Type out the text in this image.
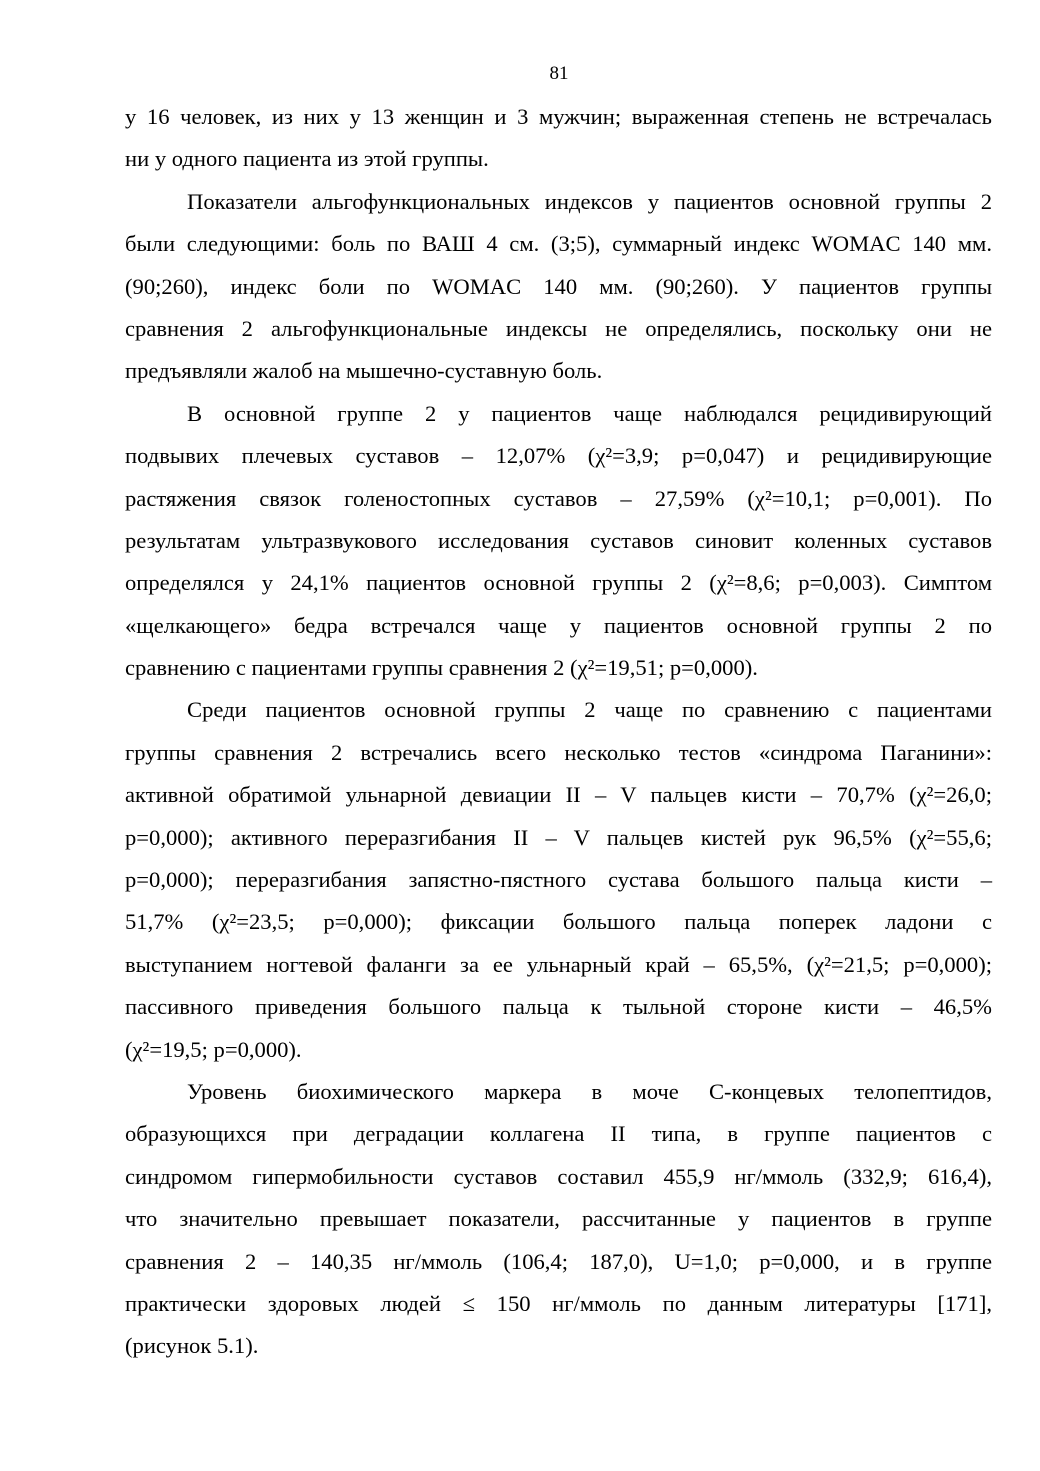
81
у 16 человек, из них у 13 женщин и 3 мужчин; выраженная степень не встречалась
ни у одного пациента из этой группы.
Показатели альгофункциональных индексов у пациентов основной группы 2
были следующими: боль по ВАШ 4 см. (3;5), суммарный индекс WOMAC 140 мм.
(90;260), индекс боли по WOMAC 140 мм. (90;260). У пациентов группы
сравнения 2 альгофункциональные индексы не определялись, поскольку они не
предъявляли жалоб на мышечно-суставную боль.
В основной группе 2 у пациентов чаще наблюдался рецидивирующий
подвывих плечевых суставов – 12,07% (χ²=3,9; p=0,047) и рецидивирующие
растяжения связок голеностопных суставов – 27,59% (χ²=10,1; p=0,001). По
результатам ультразвукового исследования суставов синовит коленных суставов
определялся у 24,1% пациентов основной группы 2 (χ²=8,6; p=0,003). Симптом
«щелкающего» бедра встречался чаще у пациентов основной группы 2 по
сравнению с пациентами группы сравнения 2 (χ²=19,51; p=0,000).
Среди пациентов основной группы 2 чаще по сравнению с пациентами
группы сравнения 2 встречались всего несколько тестов «синдрома Паганини»:
активной обратимой ульнарной девиации II – V пальцев кисти – 70,7% (χ²=26,0;
p=0,000); активного переразгибания II – V пальцев кистей рук 96,5% (χ²=55,6;
p=0,000); переразгибания запястно-пястного сустава большого пальца кисти –
51,7% (χ²=23,5; p=0,000); фиксации большого пальца поперек ладони с
выступанием ногтевой фаланги за ее ульнарный край – 65,5%, (χ²=21,5; p=0,000);
пассивного приведения большого пальца к тыльной стороне кисти – 46,5%
(χ²=19,5; p=0,000).
Уровень биохимического маркера в моче С-концевых телопептидов,
образующихся при деградации коллагена II типа, в группе пациентов с
синдромом гипермобильности суставов составил 455,9 нг/ммоль (332,9; 616,4),
что значительно превышает показатели, рассчитанные у пациентов в группе
сравнения 2 – 140,35 нг/ммоль (106,4; 187,0), U=1,0; p=0,000, и в группе
практически здоровых людей ≤ 150 нг/ммоль по данным литературы [171],
(рисунок 5.1).
